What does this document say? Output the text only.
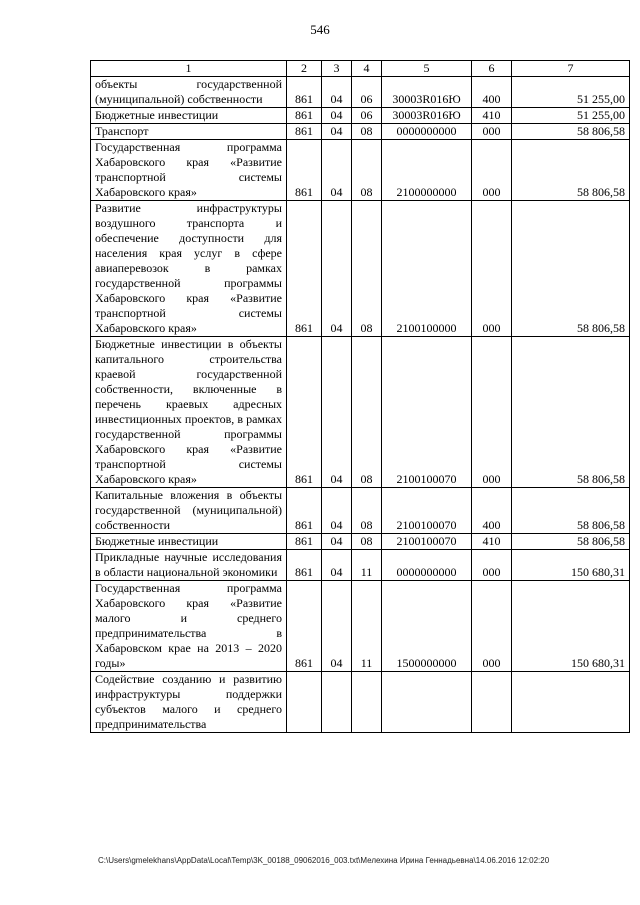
546
1	2	3	4	5	6	7
объекты государственной (муниципальной) собственности	861	04	06	30003R016Ю	400	51 255,00
Бюджетные инвестиции	861	04	06	30003R016Ю	410	51 255,00
Транспорт	861	04	08	0000000000	000	58 806,58
Государственная программа Хабаровского края «Развитие транспортной системы Хабаровского края»	861	04	08	2100000000	000	58 806,58
Развитие инфраструктуры воздушного транспорта и обеспечение доступности для населения края услуг в сфере авиаперевозок в рамках государственной программы Хабаровского края «Развитие транспортной системы Хабаровского края»	861	04	08	2100100000	000	58 806,58
Бюджетные инвестиции в объекты капитального строительства краевой государственной собственности, включенные в перечень краевых адресных инвестиционных проектов, в рамках государственной программы Хабаровского края «Развитие транспортной системы Хабаровского края»	861	04	08	2100100070	000	58 806,58
Капитальные вложения в объекты государственной (муниципальной) собственности	861	04	08	2100100070	400	58 806,58
Бюджетные инвестиции	861	04	08	2100100070	410	58 806,58
Прикладные научные исследования в области национальной экономики	861	04	11	0000000000	000	150 680,31
Государственная программа Хабаровского края «Развитие малого и среднего предпринимательства в Хабаровском крае на 2013 – 2020 годы»	861	04	11	1500000000	000	150 680,31
Содействие созданию и развитию инфраструктуры поддержки субъектов малого и среднего предпринимательства						
C:\Users\gmelekhans\AppData\Local\Temp\3K_00188_09062016_003.txt\Мелехина Ирина Геннадьевна\14.06.2016 12:02:20
